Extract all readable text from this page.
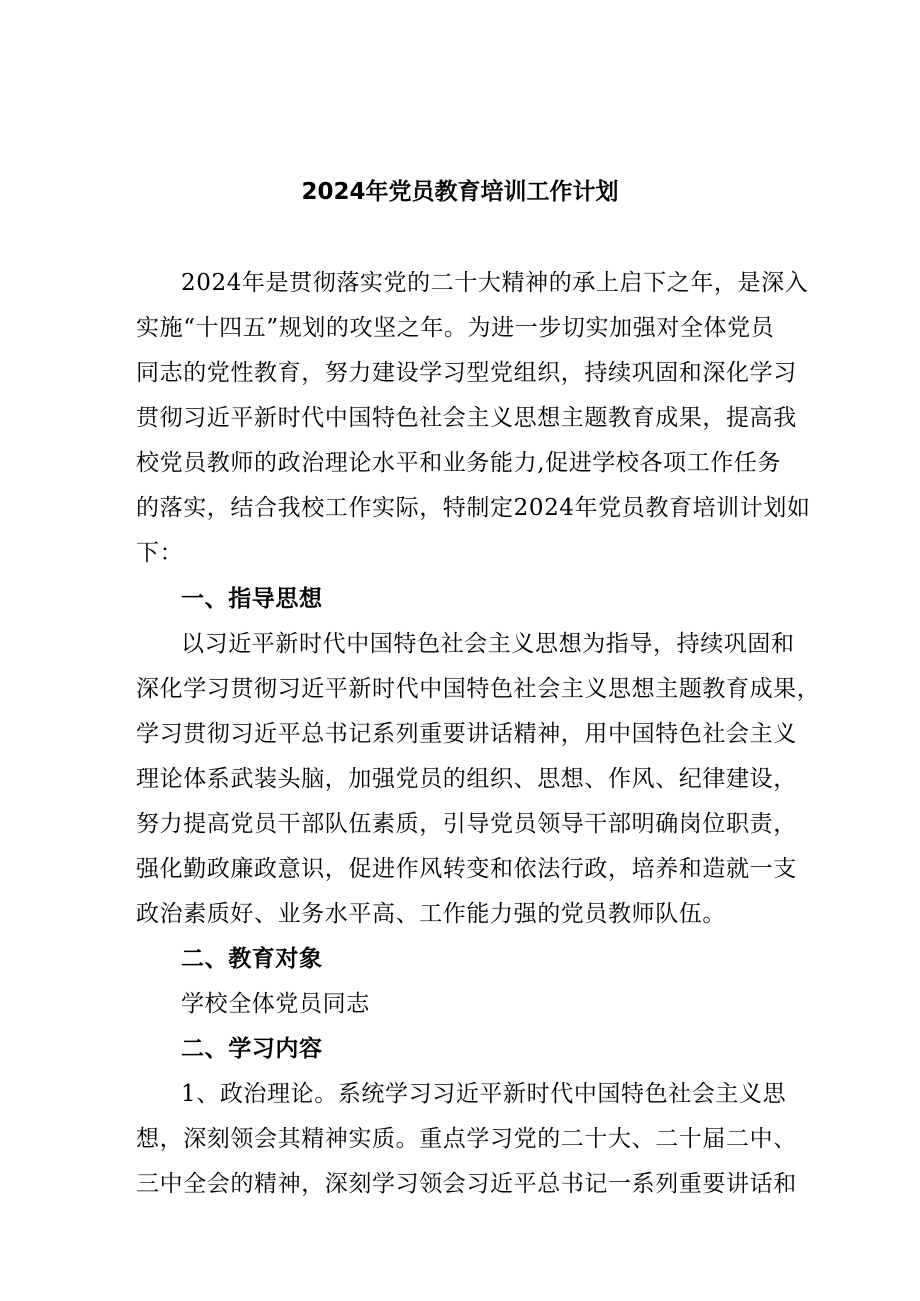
2024年党员教育培训工作计划
2024年是贯彻落实党的二十大精神的承上启下之年，是深入
实施“十四五”规划的攻坚之年。为进一步切实加强对全体党员
同志的党性教育，努力建设学习型党组织，持续巩固和深化学习
贯彻习近平新时代中国特色社会主义思想主题教育成果，提高我
校党员教师的政治理论水平和业务能力,促进学校各项工作任务
的落实，结合我校工作实际，特制定2024年党员教育培训计划如
下：
一、指导思想
以习近平新时代中国特色社会主义思想为指导，持续巩固和
深化学习贯彻习近平新时代中国特色社会主义思想主题教育成果，
学习贯彻习近平总书记系列重要讲话精神，用中国特色社会主义
理论体系武装头脑，加强党员的组织、思想、作风、纪律建设，
努力提高党员干部队伍素质，引导党员领导干部明确岗位职责，
强化勤政廉政意识，促进作风转变和依法行政，培养和造就一支
政治素质好、业务水平高、工作能力强的党员教师队伍。
二、教育对象
学校全体党员同志
二、学习内容
1、政治理论。系统学习习近平新时代中国特色社会主义思
想，深刻领会其精神实质。重点学习党的二十大、二十届二中、
三中全会的精神，深刻学习领会习近平总书记一系列重要讲话和
